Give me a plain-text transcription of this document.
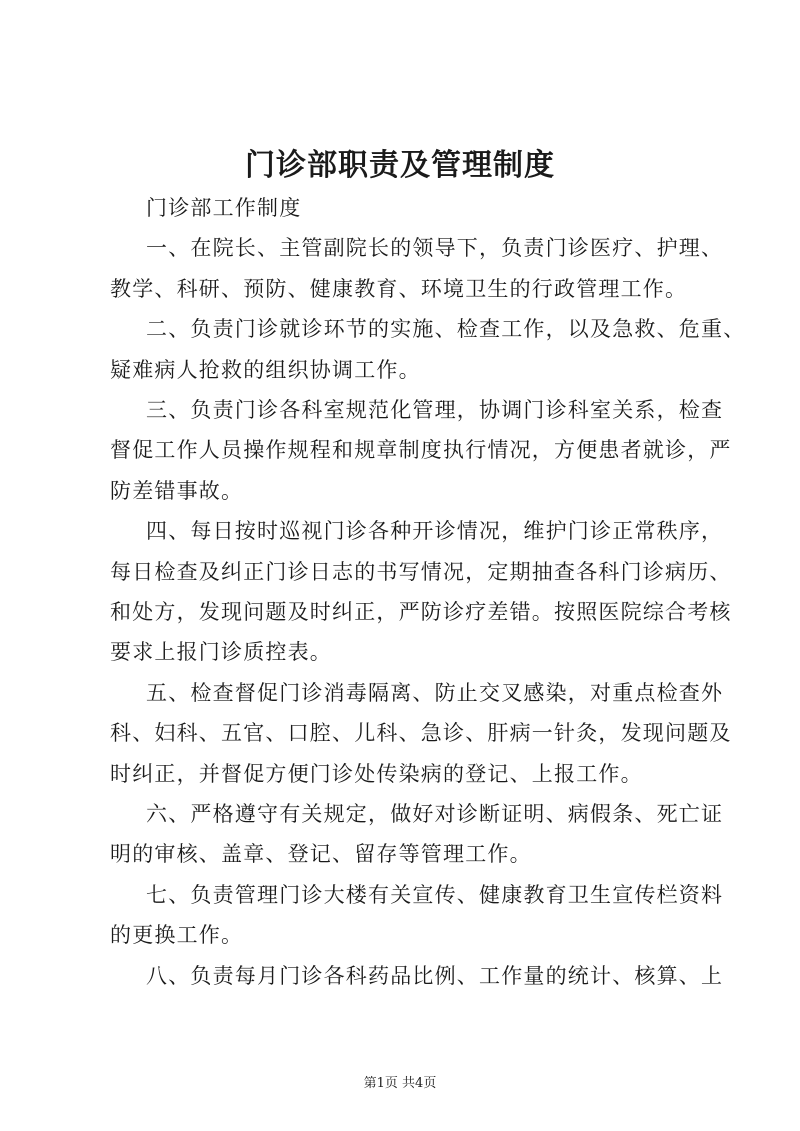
门诊部职责及管理制度
门诊部工作制度
一、在院长、主管副院长的领导下，负责门诊医疗、护理、
教学、科研、预防、健康教育、环境卫生的行政管理工作。
二、负责门诊就诊环节的实施、检查工作，以及急救、危重、
疑难病人抢救的组织协调工作。
三、负责门诊各科室规范化管理，协调门诊科室关系，检查
督促工作人员操作规程和规章制度执行情况，方便患者就诊，严
防差错事故。
四、每日按时巡视门诊各种开诊情况，维护门诊正常秩序，
每日检查及纠正门诊日志的书写情况，定期抽查各科门诊病历、
和处方，发现问题及时纠正，严防诊疗差错。按照医院综合考核
要求上报门诊质控表。
五、检查督促门诊消毒隔离、防止交叉感染，对重点检查外
科、妇科、五官、口腔、儿科、急诊、肝病一针灸，发现问题及
时纠正，并督促方便门诊处传染病的登记、上报工作。
六、严格遵守有关规定，做好对诊断证明、病假条、死亡证
明的审核、盖章、登记、留存等管理工作。
七、负责管理门诊大楼有关宣传、健康教育卫生宣传栏资料
的更换工作。
八、负责每月门诊各科药品比例、工作量的统计、核算、上
第1页 共4页
